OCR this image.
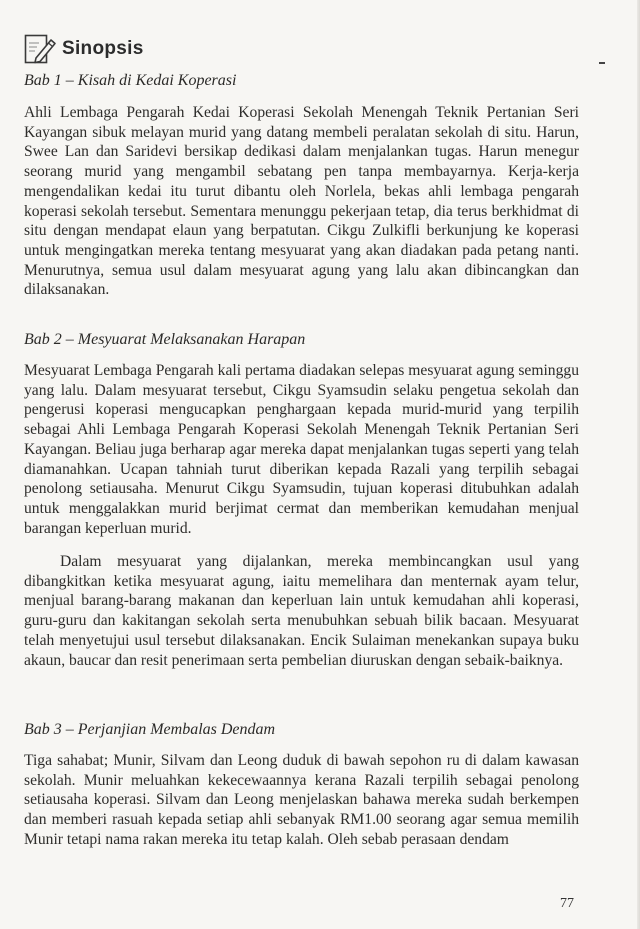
Sinopsis
Bab 1 – Kisah di Kedai Koperasi

Ahli Lembaga Pengarah Kedai Koperasi Sekolah Menengah Teknik Pertanian Seri Kayangan sibuk melayan murid yang datang membeli peralatan sekolah di situ. Harun, Swee Lan dan Saridevi bersikap dedikasi dalam menjalankan tugas. Harun menegur seorang murid yang mengambil sebatang pen tanpa membayarnya. Kerja-kerja mengendalikan kedai itu turut dibantu oleh Norlela, bekas ahli lembaga pengarah koperasi sekolah tersebut. Sementara menunggu pekerjaan tetap, dia terus berkhidmat di situ dengan mendapat elaun yang berpatutan. Cikgu Zulkifli berkunjung ke koperasi untuk mengingatkan mereka tentang mesyuarat yang akan diadakan pada petang nanti. Menurutnya, semua usul dalam mesyuarat agung yang lalu akan dibincangkan dan dilaksanakan.

Bab 2 – Mesyuarat Melaksanakan Harapan

Mesyuarat Lembaga Pengarah kali pertama diadakan selepas mesyuarat agung seminggu yang lalu. Dalam mesyuarat tersebut, Cikgu Syamsudin selaku pengetua sekolah dan pengerusi koperasi mengucapkan penghargaan kepada murid-murid yang terpilih sebagai Ahli Lembaga Pengarah Koperasi Sekolah Menengah Teknik Pertanian Seri Kayangan. Beliau juga berharap agar mereka dapat menjalankan tugas seperti yang telah diamanahkan. Ucapan tahniah turut diberikan kepada Razali yang terpilih sebagai penolong setiausaha. Menurut Cikgu Syamsudin, tujuan koperasi ditubuhkan adalah untuk menggalakkan murid berjimat cermat dan memberikan kemudahan menjual barangan keperluan murid.

Dalam mesyuarat yang dijalankan, mereka membincangkan usul yang dibangkitkan ketika mesyuarat agung, iaitu memelihara dan menternak ayam telur, menjual barang-barang makanan dan keperluan lain untuk kemudahan ahli koperasi, guru-guru dan kakitangan sekolah serta menubuhkan sebuah bilik bacaan. Mesyuarat telah menyetujui usul tersebut dilaksanakan. Encik Sulaiman menekankan supaya buku akaun, baucar dan resit penerimaan serta pembelian diuruskan dengan sebaik-baiknya.

Bab 3 – Perjanjian Membalas Dendam

Tiga sahabat; Munir, Silvam dan Leong duduk di bawah sepohon ru di dalam kawasan sekolah. Munir meluahkan kekecewaannya kerana Razali terpilih sebagai penolong setiausaha koperasi. Silvam dan Leong menjelaskan bahawa mereka sudah berkempen dan memberi rasuah kepada setiap ahli sebanyak RM1.00 seorang agar semua memilih Munir tetapi nama rakan mereka itu tetap kalah. Oleh sebab perasaan dendam

77
